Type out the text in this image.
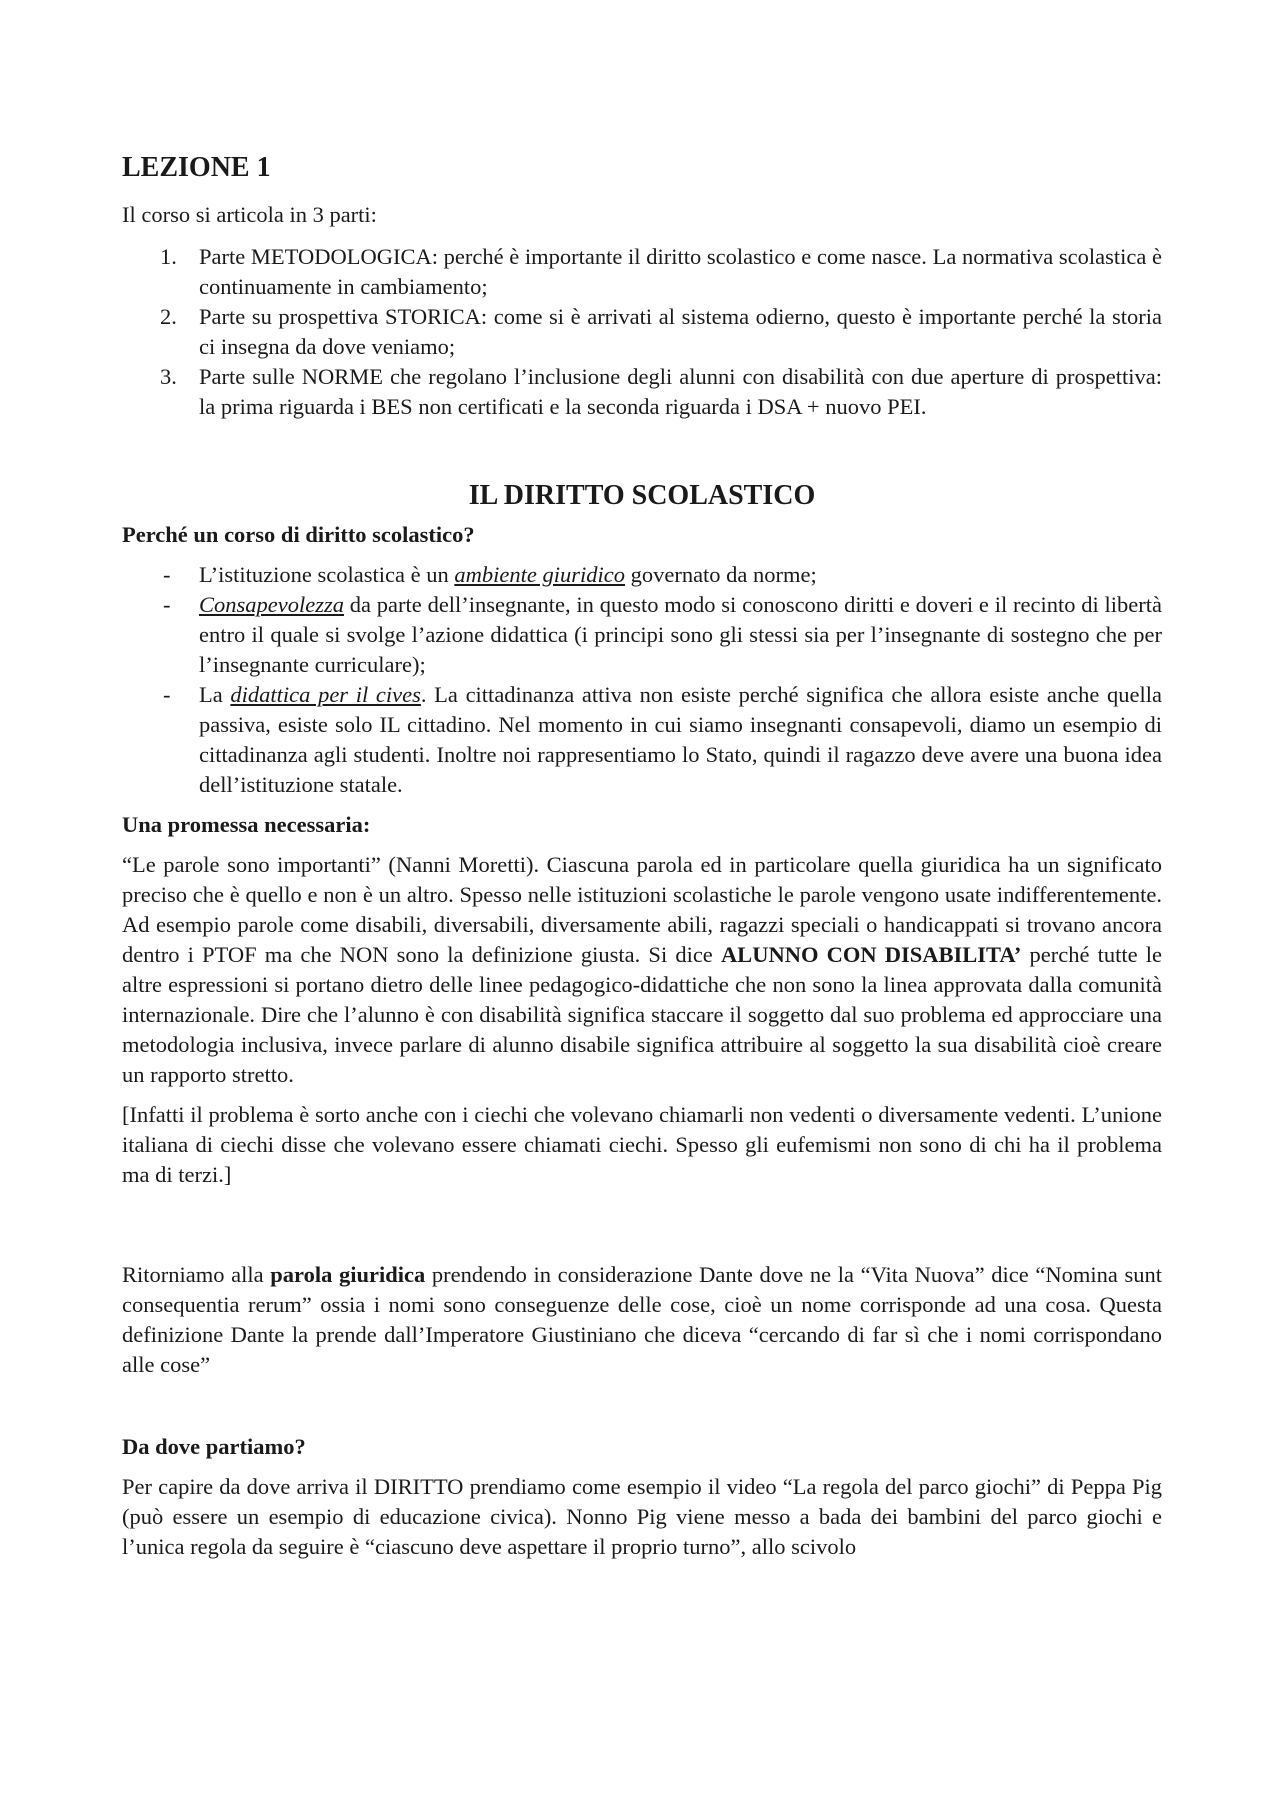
LEZIONE 1

Il corso si articola in 3 parti:

1. Parte METODOLOGICA: perché è importante il diritto scolastico e come nasce. La normativa scolastica è continuamente in cambiamento;
2. Parte su prospettiva STORICA: come si è arrivati al sistema odierno, questo è importante perché la storia ci insegna da dove veniamo;
3. Parte sulle NORME che regolano l’inclusione degli alunni con disabilità con due aperture di prospettiva: la prima riguarda i BES non certificati e la seconda riguarda i DSA + nuovo PEI.
IL DIRITTO SCOLASTICO
Perché un corso di diritto scolastico?
- L’istituzione scolastica è un ambiente giuridico governato da norme;
- Consapevolezza da parte dell’insegnante, in questo modo si conoscono diritti e doveri e il recinto di libertà entro il quale si svolge l’azione didattica (i principi sono gli stessi sia per l’insegnante di sostegno che per l’insegnante curriculare);
- La didattica per il cives. La cittadinanza attiva non esiste perché significa che allora esiste anche quella passiva, esiste solo IL cittadino. Nel momento in cui siamo insegnanti consapevoli, diamo un esempio di cittadinanza agli studenti. Inoltre noi rappresentiamo lo Stato, quindi il ragazzo deve avere una buona idea dell’istituzione statale.
Una promessa necessaria:

“Le parole sono importanti” (Nanni Moretti). Ciascuna parola ed in particolare quella giuridica ha un significato preciso che è quello e non è un altro. Spesso nelle istituzioni scolastiche le parole vengono usate indifferentemente. Ad esempio parole come disabili, diversabili, diversamente abili, ragazzi speciali o handicappati si trovano ancora dentro i PTOF ma che NON sono la definizione giusta. Si dice ALUNNO CON DISABILITA’ perché tutte le altre espressioni si portano dietro delle linee pedagogico-didattiche che non sono la linea approvata dalla comunità internazionale. Dire che l’alunno è con disabilità significa staccare il soggetto dal suo problema ed approcciare una metodologia inclusiva, invece parlare di alunno disabile significa attribuire al soggetto la sua disabilità cioè creare un rapporto stretto.

[Infatti il problema è sorto anche con i ciechi che volevano chiamarli non vedenti o diversamente vedenti. L’unione italiana di ciechi disse che volevano essere chiamati ciechi. Spesso gli eufemismi non sono di chi ha il problema ma di terzi.]

Ritorniamo alla parola giuridica prendendo in considerazione Dante dove ne la “Vita Nuova” dice “Nomina sunt consequentia rerum” ossia i nomi sono conseguenze delle cose, cioè un nome corrisponde ad una cosa. Questa definizione Dante la prende dall’Imperatore Giustiniano che diceva “cercando di far sì che i nomi corrispondano alle cose”

Da dove partiamo?

Per capire da dove arriva il DIRITTO prendiamo come esempio il video “La regola del parco giochi” di Peppa Pig (può essere un esempio di educazione civica). Nonno Pig viene messo a bada dei bambini del parco giochi e l’unica regola da seguire è “ciascuno deve aspettare il proprio turno”, allo scivolo
